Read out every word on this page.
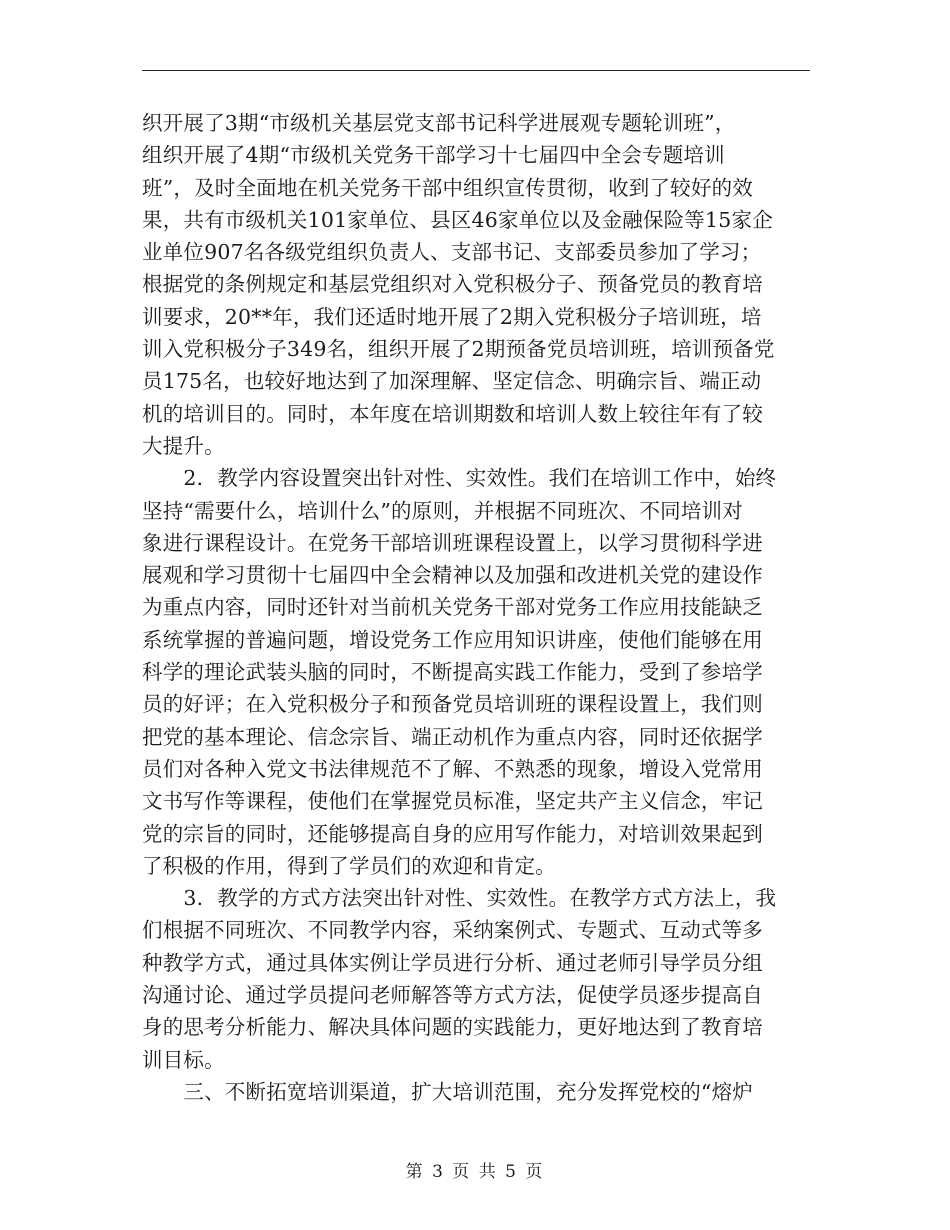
织开展了3期“市级机关基层党支部书记科学进展观专题轮训班”，
组织开展了4期“市级机关党务干部学习十七届四中全会专题培训
班”，及时全面地在机关党务干部中组织宣传贯彻，收到了较好的效
果，共有市级机关101家单位、县区46家单位以及金融保险等15家企
业单位907名各级党组织负责人、支部书记、支部委员参加了学习；
根据党的条例规定和基层党组织对入党积极分子、预备党员的教育培
训要求，20**年，我们还适时地开展了2期入党积极分子培训班，培
训入党积极分子349名，组织开展了2期预备党员培训班，培训预备党
员175名，也较好地达到了加深理解、坚定信念、明确宗旨、端正动
机的培训目的。同时，本年度在培训期数和培训人数上较往年有了较
大提升。
　　2．教学内容设置突出针对性、实效性。我们在培训工作中，始终
坚持“需要什么，培训什么”的原则，并根据不同班次、不同培训对
象进行课程设计。在党务干部培训班课程设置上，以学习贯彻科学进
展观和学习贯彻十七届四中全会精神以及加强和改进机关党的建设作
为重点内容，同时还针对当前机关党务干部对党务工作应用技能缺乏
系统掌握的普遍问题，增设党务工作应用知识讲座，使他们能够在用
科学的理论武装头脑的同时，不断提高实践工作能力，受到了参培学
员的好评；在入党积极分子和预备党员培训班的课程设置上，我们则
把党的基本理论、信念宗旨、端正动机作为重点内容，同时还依据学
员们对各种入党文书法律规范不了解、不熟悉的现象，增设入党常用
文书写作等课程，使他们在掌握党员标准，坚定共产主义信念，牢记
党的宗旨的同时，还能够提高自身的应用写作能力，对培训效果起到
了积极的作用，得到了学员们的欢迎和肯定。
　　3．教学的方式方法突出针对性、实效性。在教学方式方法上，我
们根据不同班次、不同教学内容，采纳案例式、专题式、互动式等多
种教学方式，通过具体实例让学员进行分析、通过老师引导学员分组
沟通讨论、通过学员提问老师解答等方式方法，促使学员逐步提高自
身的思考分析能力、解决具体问题的实践能力，更好地达到了教育培
训目标。
　　三、不断拓宽培训渠道，扩大培训范围，充分发挥党校的“熔炉
第 3 页 共 5 页
